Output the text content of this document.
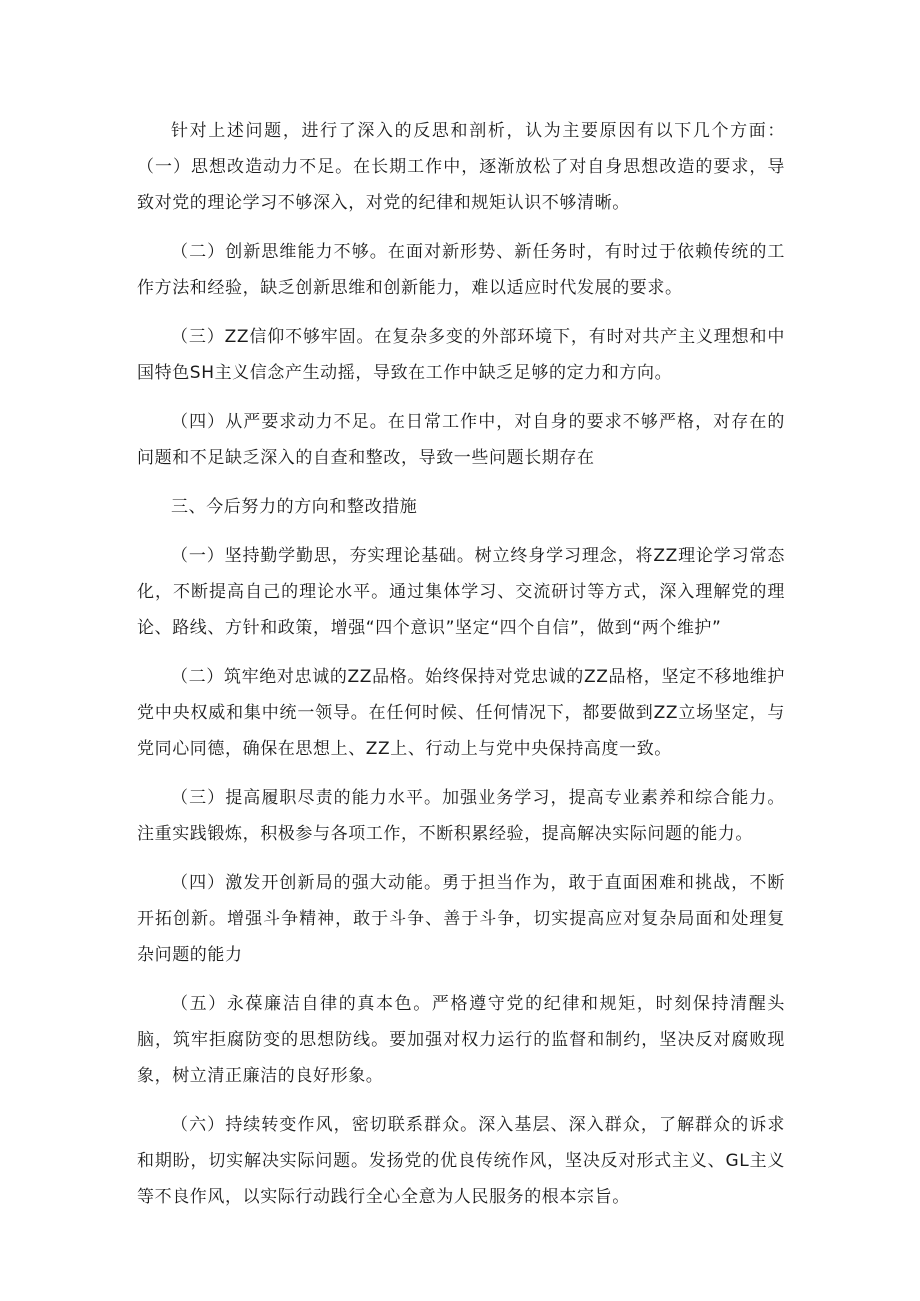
针对上述问题，进行了深入的反思和剖析，认为主要原因有以下几个方面：（一）思想改造动力不足。在长期工作中，逐渐放松了对自身思想改造的要求，导致对党的理论学习不够深入，对党的纪律和规矩认识不够清晰。

（二）创新思维能力不够。在面对新形势、新任务时，有时过于依赖传统的工作方法和经验，缺乏创新思维和创新能力，难以适应时代发展的要求。

（三）ZZ信仰不够牢固。在复杂多变的外部环境下，有时对共产主义理想和中国特色SH主义信念产生动摇，导致在工作中缺乏足够的定力和方向。

（四）从严要求动力不足。在日常工作中，对自身的要求不够严格，对存在的问题和不足缺乏深入的自查和整改，导致一些问题长期存在

三、今后努力的方向和整改措施

（一）坚持勤学勤思，夯实理论基础。树立终身学习理念，将ZZ理论学习常态化，不断提高自己的理论水平。通过集体学习、交流研讨等方式，深入理解党的理论、路线、方针和政策，增强“四个意识”坚定“四个自信”，做到“两个维护”

（二）筑牢绝对忠诚的ZZ品格。始终保持对党忠诚的ZZ品格，坚定不移地维护党中央权威和集中统一领导。在任何时候、任何情况下，都要做到ZZ立场坚定，与党同心同德，确保在思想上、ZZ上、行动上与党中央保持高度一致。

（三）提高履职尽责的能力水平。加强业务学习，提高专业素养和综合能力。注重实践锻炼，积极参与各项工作，不断积累经验，提高解决实际问题的能力。

（四）激发开创新局的强大动能。勇于担当作为，敢于直面困难和挑战，不断开拓创新。增强斗争精神，敢于斗争、善于斗争，切实提高应对复杂局面和处理复杂问题的能力

（五）永葆廉洁自律的真本色。严格遵守党的纪律和规矩，时刻保持清醒头脑，筑牢拒腐防变的思想防线。要加强对权力运行的监督和制约，坚决反对腐败现象，树立清正廉洁的良好形象。

（六）持续转变作风，密切联系群众。深入基层、深入群众，了解群众的诉求和期盼，切实解决实际问题。发扬党的优良传统作风，坚决反对形式主义、GL主义等不良作风，以实际行动践行全心全意为人民服务的根本宗旨。
